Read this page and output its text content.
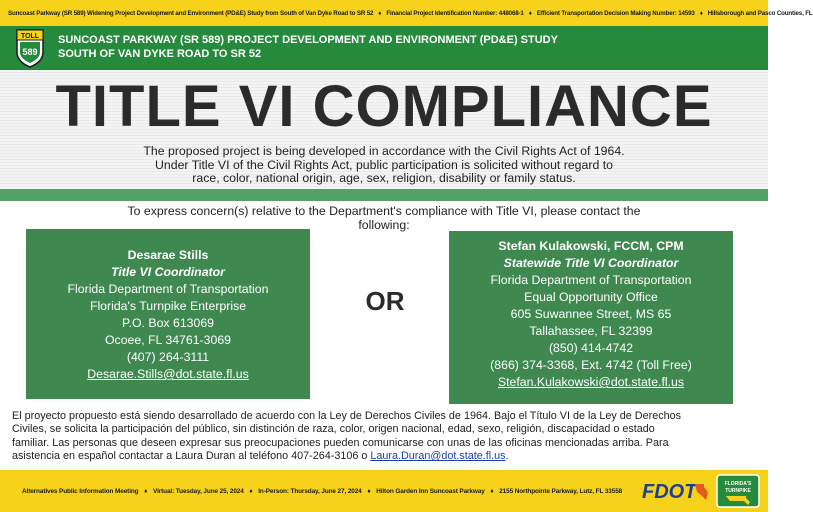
Suncoast Parkway (SR 589) Widening Project Development and Environment (PD&E) Study from South of Van Dyke Road to SR 52 ♦ Financial Project Identification Number: 448068-1 ♦ Efficient Transportation Decision Making Number: 14593 ♦ Hillsborough and Pasco Counties, FL
TOLL
589
SUNCOAST PARKWAY (SR 589) PROJECT DEVELOPMENT AND ENVIRONMENT (PD&E) STUDY
SOUTH OF VAN DYKE ROAD TO SR 52
TITLE VI COMPLIANCE
The proposed project is being developed in accordance with the Civil Rights Act of 1964.
Under Title VI of the Civil Rights Act, public participation is solicited without regard to
race, color, national origin, age, sex, religion, disability or family status.
To express concern(s) relative to the Department's compliance with Title VI, please contact the
following:
Desarae Stills
Title VI Coordinator
Florida Department of Transportation
Florida's Turnpike Enterprise
P.O. Box 613069
Ocoee, FL 34761-3069
(407) 264-3111
Desarae.Stills@dot.state.fl.us
OR
Stefan Kulakowski, FCCM, CPM
Statewide Title VI Coordinator
Florida Department of Transportation
Equal Opportunity Office
605 Suwannee Street, MS 65
Tallahassee, FL 32399
(850) 414-4742
(866) 374-3368, Ext. 4742 (Toll Free)
Stefan.Kulakowski@dot.state.fl.us
El proyecto propuesto está siendo desarrollado de acuerdo con la Ley de Derechos Civiles de 1964. Bajo el Título VI de la Ley de Derechos
Civiles, se solicita la participación del público, sin distinción de raza, color, origen nacional, edad, sexo, religión, discapacidad o estado
familiar. Las personas que deseen expresar sus preocupaciones pueden comunicarse con unas de las oficinas mencionadas arriba. Para
asistencia en español contactar a Laura Duran al teléfono 407-264-3106 o Laura.Duran@dot.state.fl.us.
Alternatives Public Information Meeting ♦ Virtual: Tuesday, June 25, 2024 ♦ In-Person: Thursday, June 27, 2024 ♦ Hilton Garden Inn Suncoast Parkway ♦ 2155 Northpointe Parkway, Lutz, FL 33558 FDOT	FLORIDA'S
TURNPIKE
